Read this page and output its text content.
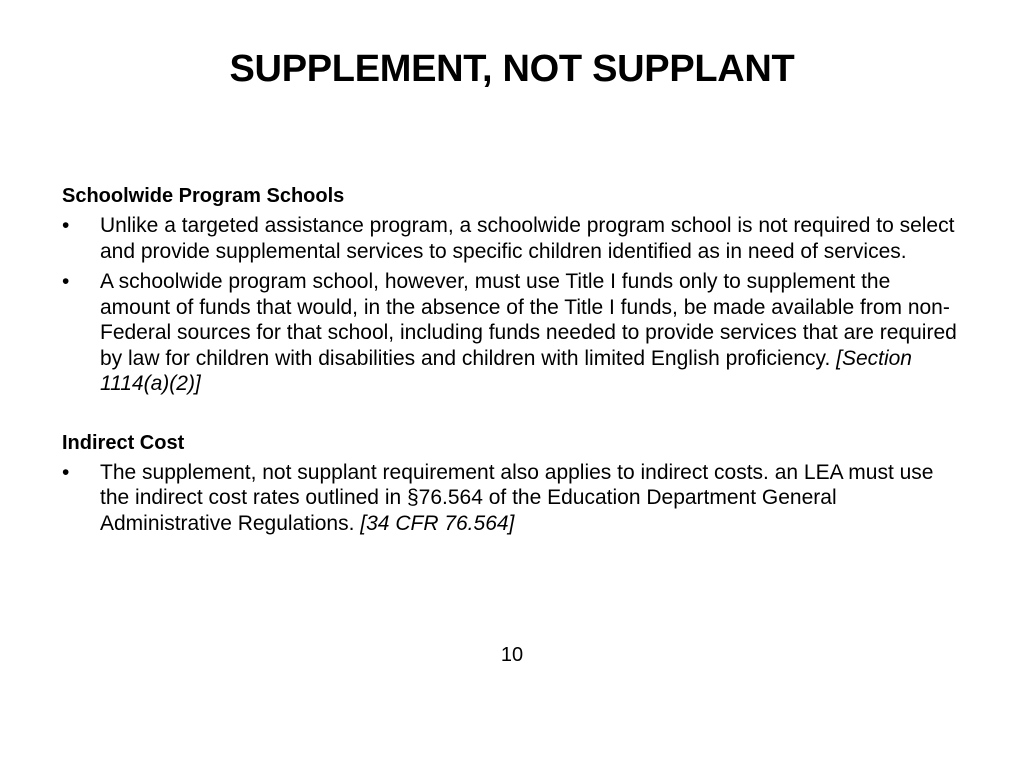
SUPPLEMENT, NOT SUPPLANT

Schoolwide Program Schools

•	Unlike a targeted assistance program, a schoolwide program school is not required to select and provide supplemental services to specific children identified as in need of services.
•	A schoolwide program school, however, must use Title I funds only to supplement the amount of funds that would, in the absence of the Title I funds, be made available from non-Federal sources for that school, including funds needed to provide services that are required by law for children with disabilities and children with limited English proficiency. [Section 1114(a)(2)]

Indirect Cost

•	The supplement, not supplant requirement also applies to indirect costs. an LEA must use the indirect cost rates outlined in §76.564 of the Education Department General Administrative Regulations. [34 CFR 76.564]
10
